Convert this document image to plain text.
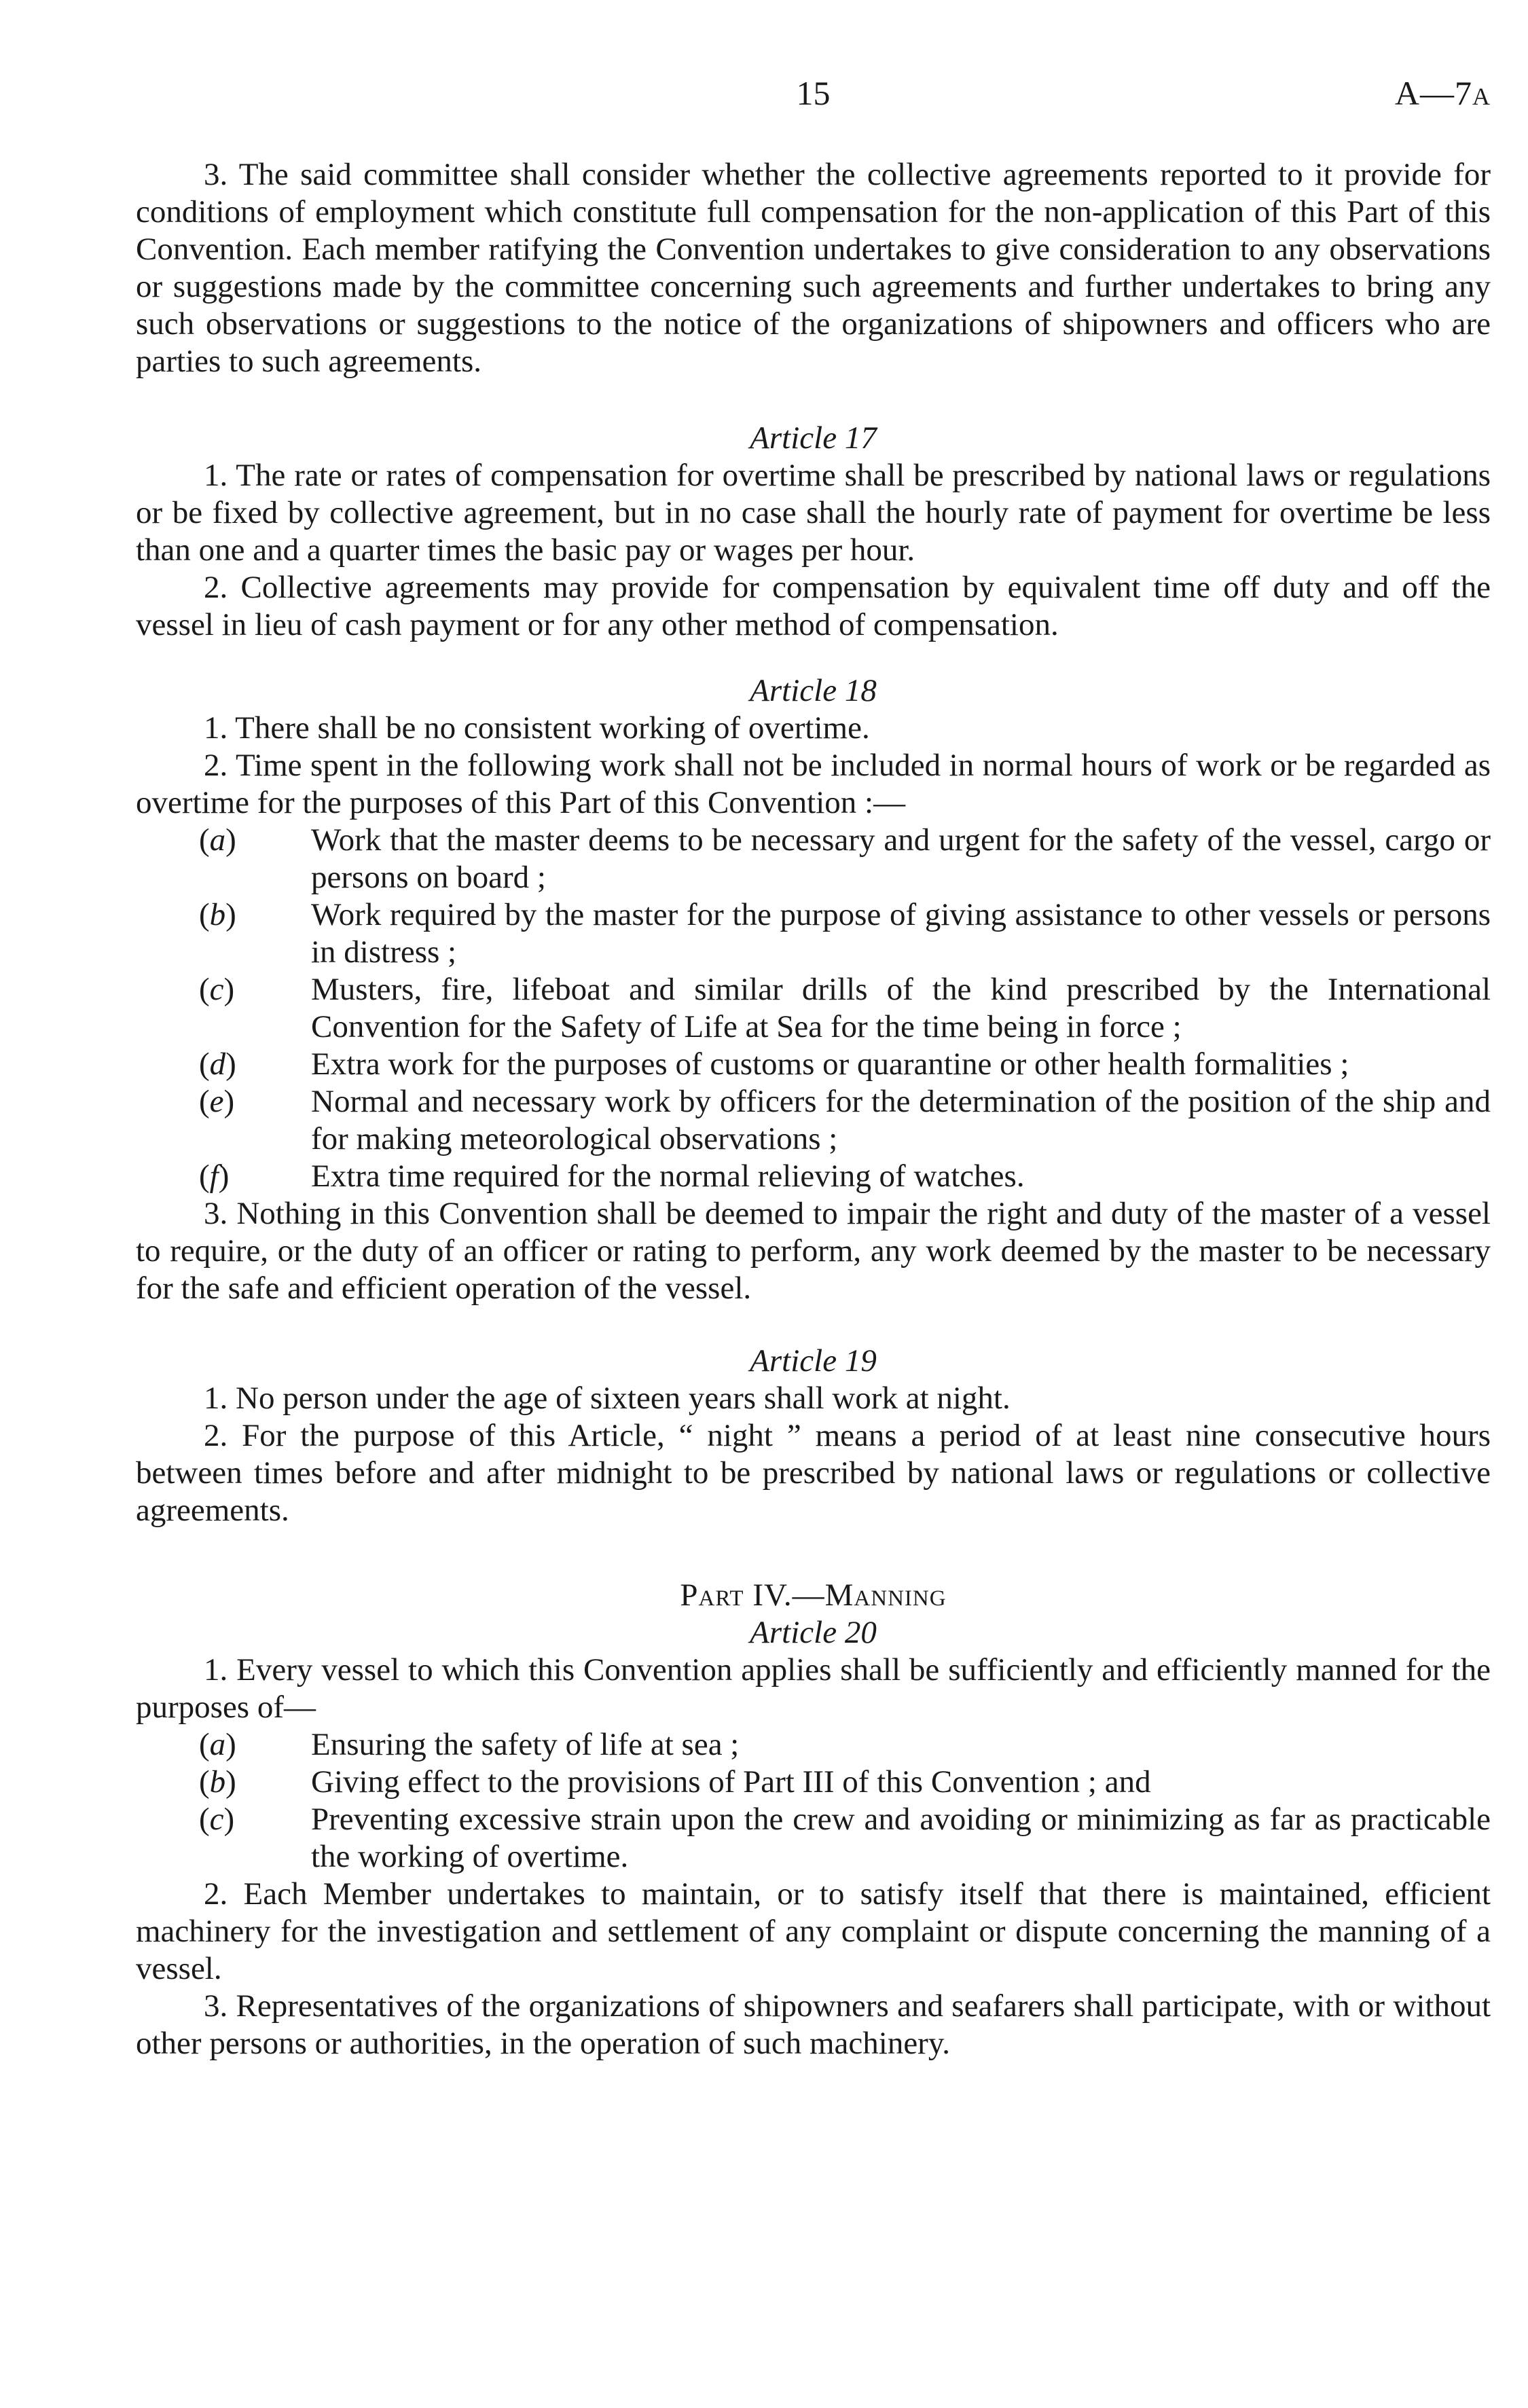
15	A—7A

3. The said committee shall consider whether the collective agreements reported to it provide for conditions of employment which constitute full compensation for the non-application of this Part of this Convention. Each member ratifying the Convention undertakes to give consideration to any observations or suggestions made by the committee concerning such agreements and further undertakes to bring any such observations or suggestions to the notice of the organizations of shipowners and officers who are parties to such agreements.

Article 17

1. The rate or rates of compensation for overtime shall be prescribed by national laws or regulations or be fixed by collective agreement, but in no case shall the hourly rate of payment for overtime be less than one and a quarter times the basic pay or wages per hour.

2. Collective agreements may provide for compensation by equivalent time off duty and off the vessel in lieu of cash payment or for any other method of compensation.

Article 18

1. There shall be no consistent working of overtime.

2. Time spent in the following work shall not be included in normal hours of work or be regarded as overtime for the purposes of this Part of this Convention :—

(a) Work that the master deems to be necessary and urgent for the safety of the vessel, cargo or persons on board ;
(b) Work required by the master for the purpose of giving assistance to other vessels or persons in distress ;
(c) Musters, fire, lifeboat and similar drills of the kind prescribed by the International Convention for the Safety of Life at Sea for the time being in force ;
(d) Extra work for the purposes of customs or quarantine or other health formalities ;
(e) Normal and necessary work by officers for the determination of the position of the ship and for making meteorological observations ;
(f)	Extra time required for the normal relieving of watches.

3. Nothing in this Convention shall be deemed to impair the right and duty of the master of a vessel to require, or the duty of an officer or rating to perform, any work deemed by the master to be necessary for the safe and efficient operation of the vessel.

Article 19

1. No person under the age of sixteen years shall work at night.

2. For the purpose of this Article, “ night ” means a period of at least nine consecutive hours between times before and after midnight to be prescribed by national laws or regulations or collective agreements.

Part IV.—Manning
Article 20

1. Every vessel to which this Convention applies shall be sufficiently and efficiently manned for the purposes of—

(a) Ensuring the safety of life at sea ;
(b) Giving effect to the provisions of Part III of this Convention ; and
(c) Preventing excessive strain upon the crew and avoiding or minimizing as far as practicable the working of overtime.

2. Each Member undertakes to maintain, or to satisfy itself that there is maintained, efficient machinery for the investigation and settlement of any complaint or dispute concerning the manning of a vessel.

3. Representatives of the organizations of shipowners and seafarers shall participate, with or without other persons or authorities, in the operation of such machinery.
